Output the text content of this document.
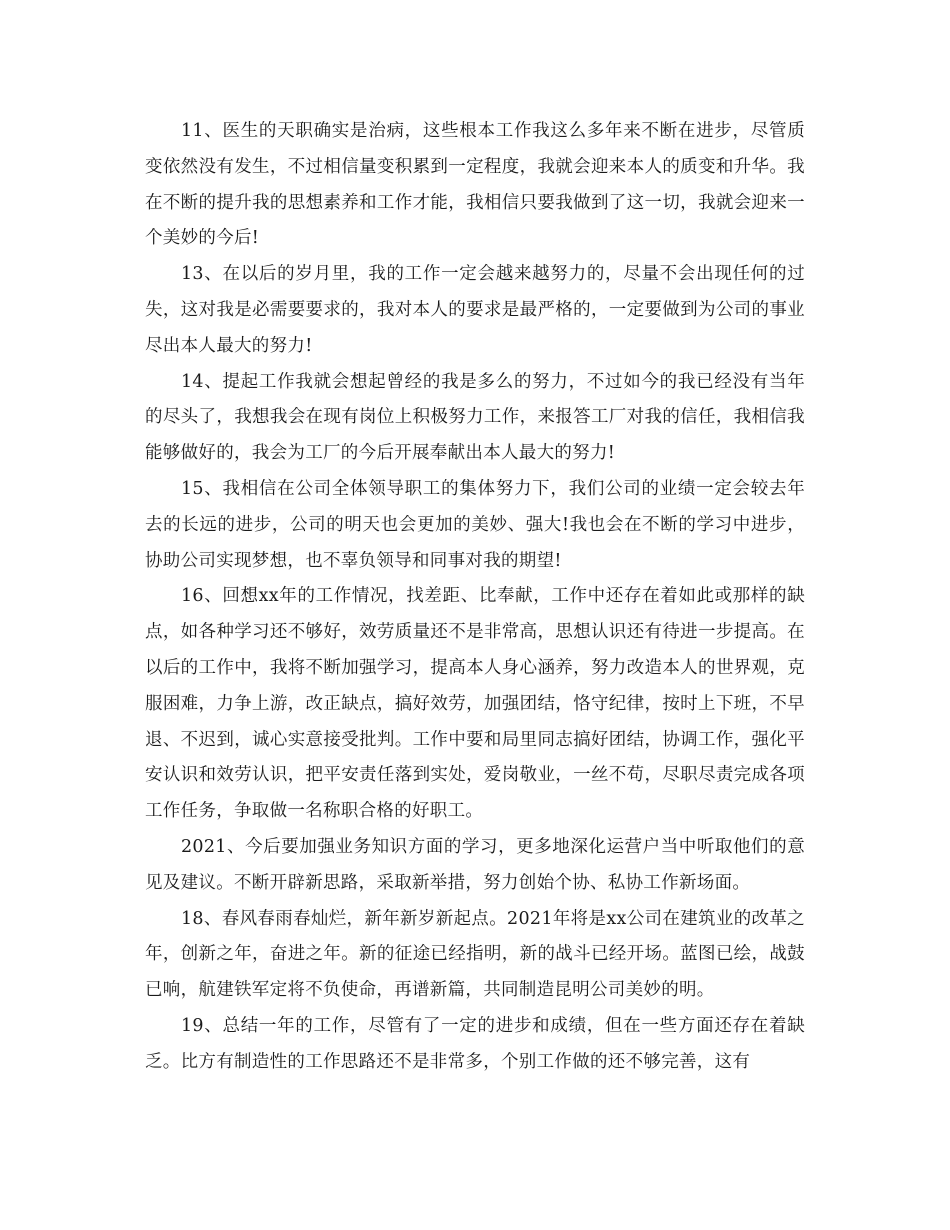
11、医生的天职确实是治病，这些根本工作我这么多年来不断在进步，尽管质变依然没有发生，不过相信量变积累到一定程度，我就会迎来本人的质变和升华。我在不断的提升我的思想素养和工作才能，我相信只要我做到了这一切，我就会迎来一个美妙的今后!

13、在以后的岁月里，我的工作一定会越来越努力的，尽量不会出现任何的过失，这对我是必需要要求的，我对本人的要求是最严格的，一定要做到为公司的事业尽出本人最大的努力!

14、提起工作我就会想起曾经的我是多么的努力，不过如今的我已经没有当年的尽头了，我想我会在现有岗位上积极努力工作，来报答工厂对我的信任，我相信我能够做好的，我会为工厂的今后开展奉献出本人最大的努力!

15、我相信在公司全体领导职工的集体努力下，我们公司的业绩一定会较去年去的长远的进步，公司的明天也会更加的美妙、强大!我也会在不断的学习中进步，协助公司实现梦想，也不辜负领导和同事对我的期望!

16、回想xx年的工作情况，找差距、比奉献，工作中还存在着如此或那样的缺点，如各种学习还不够好，效劳质量还不是非常高，思想认识还有待进一步提高。在以后的工作中，我将不断加强学习，提高本人身心涵养，努力改造本人的世界观，克服困难，力争上游，改正缺点，搞好效劳，加强团结，恪守纪律，按时上下班，不早退、不迟到，诚心实意接受批判。工作中要和局里同志搞好团结，协调工作，强化平安认识和效劳认识，把平安责任落到实处，爱岗敬业，一丝不苟，尽职尽责完成各项工作任务，争取做一名称职合格的好职工。

2021、今后要加强业务知识方面的学习，更多地深化运营户当中听取他们的意见及建议。不断开辟新思路，采取新举措，努力创始个协、私协工作新场面。

18、春风春雨春灿烂，新年新岁新起点。2021年将是xx公司在建筑业的改革之年，创新之年，奋进之年。新的征途已经指明，新的战斗已经开场。蓝图已绘，战鼓已响，航建铁军定将不负使命，再谱新篇，共同制造昆明公司美妙的明。

19、总结一年的工作，尽管有了一定的进步和成绩，但在一些方面还存在着缺乏。比方有制造性的工作思路还不是非常多，个别工作做的还不够完善，这有
